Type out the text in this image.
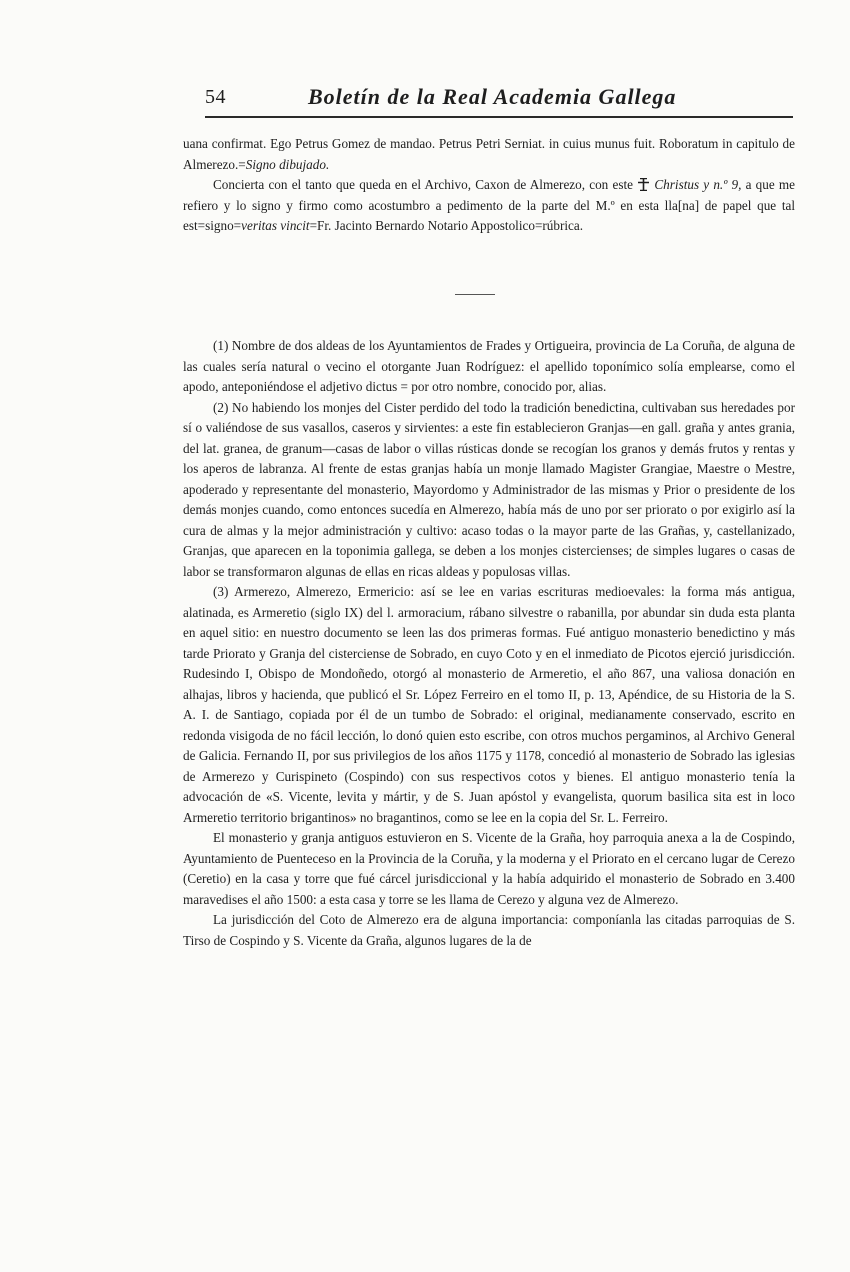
54	Boletín de la Real Academia Gallega

uana confirmat. Ego Petrus Gomez de mandao. Petrus Petri Serniat. in cuius munus fuit. Roboratum in capitulo de Almerezo.=Signo dibujado.

Concierta con el tanto que queda en el Archivo, Caxon de Almerezo, con este Christus y n.º 9, a que me refiero y lo signo y firmo como acostumbro a pedimento de la parte del M.º en esta lla[na] de papel que tal est=signo=veritas vincit=Fr. Jacinto Bernardo Notario Appostolico=rúbrica.

(1) Nombre de dos aldeas de los Ayuntamientos de Frades y Ortigueira, provincia de La Coruña, de alguna de las cuales sería natural o vecino el otorgante Juan Rodríguez: el apellido toponímico solía emplearse, como el apodo, anteponiéndose el adjetivo dictus = por otro nombre, conocido por, alias.

(2) No habiendo los monjes del Cister perdido del todo la tradición benedictina, cultivaban sus heredades por sí o valiéndose de sus vasallos, caseros y sirvientes: a este fin establecieron Granjas—en gall. graña y antes grania, del lat. granea, de granum—casas de labor o villas rústicas donde se recogían los granos y demás frutos y rentas y los aperos de labranza. Al frente de estas granjas había un monje llamado Magister Grangiae, Maestre o Mestre, apoderado y representante del monasterio, Mayordomo y Administrador de las mismas y Prior o presidente de los demás monjes cuando, como entonces sucedía en Almerezo, había más de uno por ser priorato o por exigirlo así la cura de almas y la mejor administración y cultivo: acaso todas o la mayor parte de las Grañas, y, castellanizado, Granjas, que aparecen en la toponimia gallega, se deben a los monjes cistercienses; de simples lugares o casas de labor se transformaron algunas de ellas en ricas aldeas y populosas villas.

(3) Armerezo, Almerezo, Ermericio: así se lee en varias escrituras medioevales: la forma más antigua, alatinada, es Armeretio (siglo IX) del l. armoracium, rábano silvestre o rabanilla, por abundar sin duda esta planta en aquel sitio: en nuestro documento se leen las dos primeras formas. Fué antiguo monasterio benedictino y más tarde Priorato y Granja del cisterciense de Sobrado, en cuyo Coto y en el inmediato de Picotos ejerció jurisdicción. Rudesindo I, Obispo de Mondoñedo, otorgó al monasterio de Armeretio, el año 867, una valiosa donación en alhajas, libros y hacienda, que publicó el Sr. López Ferreiro en el tomo II, p. 13, Apéndice, de su Historia de la S. A. I. de Santiago, copiada por él de un tumbo de Sobrado: el original, medianamente conservado, escrito en redonda visigoda de no fácil lección, lo donó quien esto escribe, con otros muchos pergaminos, al Archivo General de Galicia. Fernando II, por sus privilegios de los años 1175 y 1178, concedió al monasterio de Sobrado las iglesias de Armerezo y Curispineto (Cospindo) con sus respectivos cotos y bienes. El antiguo monasterio tenía la advocación de «S. Vicente, levita y mártir, y de S. Juan apóstol y evangelista, quorum basilica sita est in loco Armeretio territorio brigantinos» no bragantinos, como se lee en la copia del Sr. L. Ferreiro.

El monasterio y granja antiguos estuvieron en S. Vicente de la Graña, hoy parroquia anexa a la de Cospindo, Ayuntamiento de Puenteceso en la Provincia de la Coruña, y la moderna y el Priorato en el cercano lugar de Cerezo (Ceretio) en la casa y torre que fué cárcel jurisdiccional y la había adquirido el monasterio de Sobrado en 3.400 maravedises el año 1500: a esta casa y torre se les llama de Cerezo y alguna vez de Almerezo.

La jurisdicción del Coto de Almerezo era de alguna importancia: componíanla las citadas parroquias de S. Tirso de Cospindo y S. Vicente da Graña, algunos lugares de la de
